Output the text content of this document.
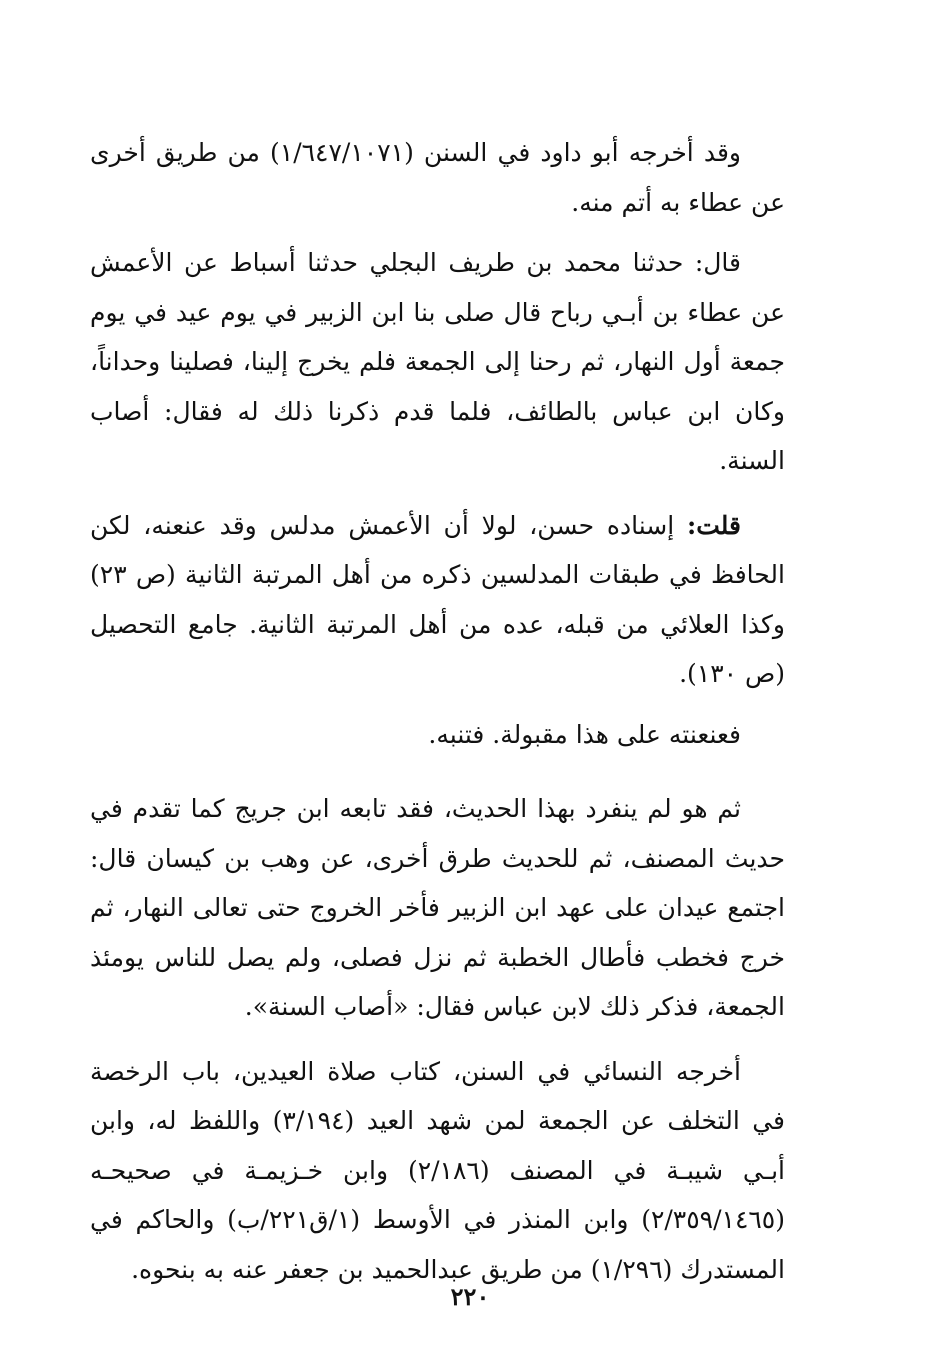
وقد أخرجه أبو داود في السنن (١/٦٤٧/١٠٧١) من طريق أخرى عن عطاء به أتم منه.

قال: حدثنا محمد بن طريف البجلي حدثنا أسباط عن الأعمش عن عطاء بن أبـي رباح قال صلى بنا ابن الزبير في يوم عيد في يوم جمعة أول النهار، ثم رحنا إلى الجمعة فلم يخرج إلينا، فصلينا وحداناً، وكان ابن عباس بالطائف، فلما قدم ذكرنا ذلك له فقال: أصاب السنة.

قلت: إسناده حسن، لولا أن الأعمش مدلس وقد عنعنه، لكن الحافظ في طبقات المدلسين ذكره من أهل المرتبة الثانية (ص ٢٣) وكذا العلائي من قبله، عده من أهل المرتبة الثانية. جامع التحصيل (ص ١٣٠).

فعنعنته على هذا مقبولة. فتنبه.

ثم هو لم ينفرد بهذا الحديث، فقد تابعه ابن جريج كما تقدم في حديث المصنف، ثم للحديث طرق أخرى، عن وهب بن كيسان قال: اجتمع عيدان على عهد ابن الزبير فأخر الخروج حتى تعالى النهار، ثم خرج فخطب فأطال الخطبة ثم نزل فصلى، ولم يصل للناس يومئذ الجمعة، فذكر ذلك لابن عباس فقال: «أصاب السنة».

أخرجه النسائي في السنن، كتاب صلاة العيدين، باب الرخصة في التخلف عن الجمعة لمن شهد العيد (٣/١٩٤) واللفظ له، وابن أبـي شيبـة في المصنف (٢/١٨٦) وابن خـزيمـة في صحيحـه (٢/٣٥٩/١٤٦٥) وابن المنذر في الأوسط (١/ق٢٢١/ب) والحاكم في المستدرك (١/٢٩٦) من طريق عبدالحميد بن جعفر عنه به بنحوه.

٢٢٠
